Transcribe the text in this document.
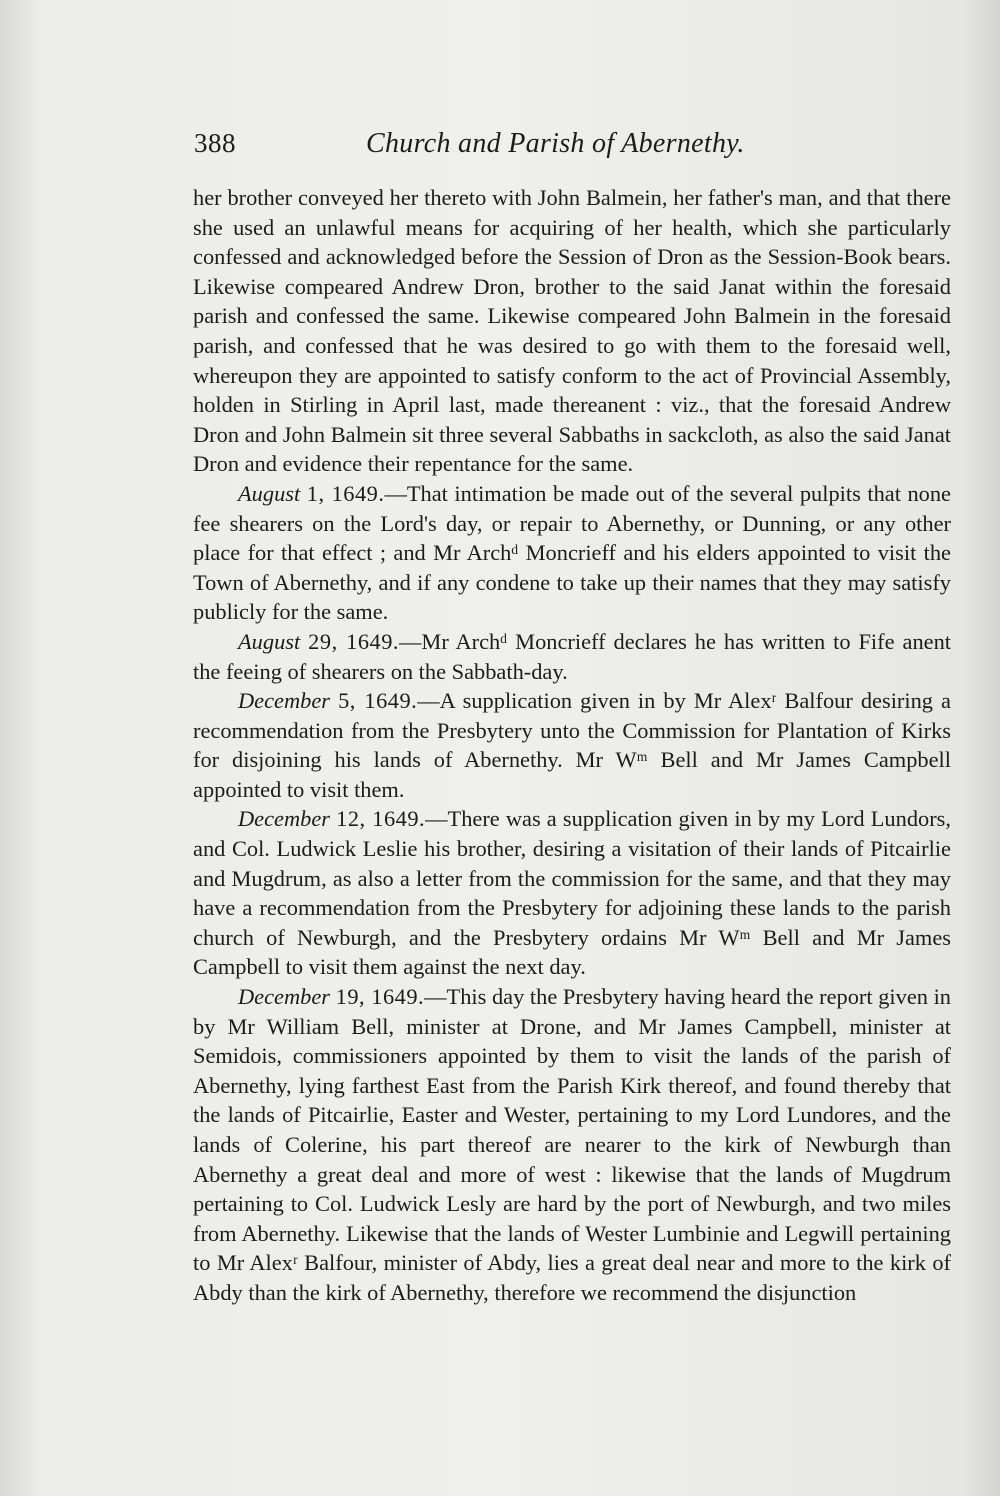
388	Church and Parish of Abernethy.

her brother conveyed her thereto with John Balmein, her father's man, and that there she used an unlawful means for acquiring of her health, which she particularly confessed and acknowledged before the Session of Dron as the Session-Book bears. Likewise compeared Andrew Dron, brother to the said Janat within the foresaid parish and confessed the same. Likewise compeared John Balmein in the foresaid parish, and confessed that he was desired to go with them to the foresaid well, whereupon they are appointed to satisfy conform to the act of Provincial Assembly, holden in Stirling in April last, made thereanent : viz., that the foresaid Andrew Dron and John Balmein sit three several Sabbaths in sackcloth, as also the said Janat Dron and evidence their repentance for the same.

August 1, 1649.—That intimation be made out of the several pulpits that none fee shearers on the Lord's day, or repair to Abernethy, or Dunning, or any other place for that effect ; and Mr Archᵈ Moncrieff and his elders appointed to visit the Town of Abernethy, and if any condene to take up their names that they may satisfy publicly for the same.

August 29, 1649.—Mr Archᵈ Moncrieff declares he has written to Fife anent the feeing of shearers on the Sabbath-day.

December 5, 1649.—A supplication given in by Mr Alexʳ Balfour desiring a recommendation from the Presbytery unto the Commission for Plantation of Kirks for disjoining his lands of Abernethy. Mr Wᵐ Bell and Mr James Campbell appointed to visit them.

December 12, 1649.—There was a supplication given in by my Lord Lundors, and Col. Ludwick Leslie his brother, desiring a visitation of their lands of Pitcairlie and Mugdrum, as also a letter from the commission for the same, and that they may have a recommendation from the Presbytery for adjoining these lands to the parish church of Newburgh, and the Presbytery ordains Mr Wᵐ Bell and Mr James Campbell to visit them against the next day.

December 19, 1649.—This day the Presbytery having heard the report given in by Mr William Bell, minister at Drone, and Mr James Campbell, minister at Semidois, commissioners appointed by them to visit the lands of the parish of Abernethy, lying farthest East from the Parish Kirk thereof, and found thereby that the lands of Pitcairlie, Easter and Wester, pertaining to my Lord Lundores, and the lands of Colerine, his part thereof are nearer to the kirk of Newburgh than Abernethy a great deal and more of west : likewise that the lands of Mugdrum pertaining to Col. Ludwick Lesly are hard by the port of Newburgh, and two miles from Abernethy. Likewise that the lands of Wester Lumbinie and Legwill pertaining to Mr Alexʳ Balfour, minister of Abdy, lies a great deal near and more to the kirk of Abdy than the kirk of Abernethy, therefore we recommend the disjunction
